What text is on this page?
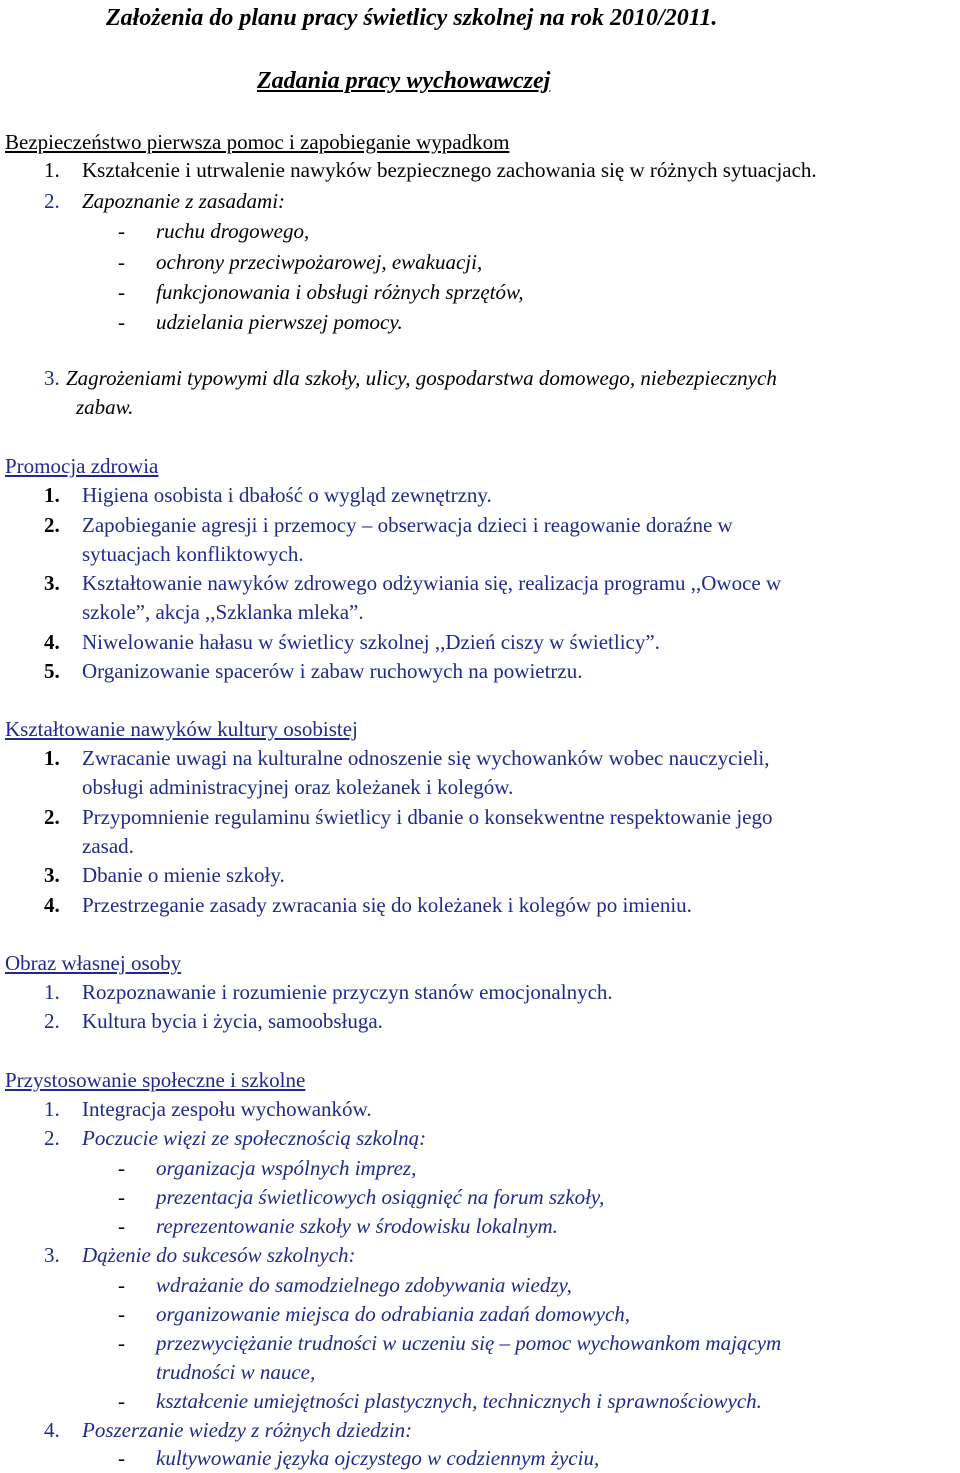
Założenia do planu pracy świetlicy szkolnej na rok 2010/2011.
Zadania pracy wychowawczej
Bezpieczeństwo pierwsza pomoc i zapobieganie wypadkom
1. Kształcenie i utrwalenie nawyków bezpiecznego zachowania się w różnych sytuacjach.
2. Zapoznanie z zasadami:
- ruchu drogowego,
- ochrony przeciwpożarowej, ewakuacji,
- funkcjonowania i obsługi różnych sprzętów,
- udzielania pierwszej pomocy.
3. Zagrożeniami typowymi dla szkoły, ulicy, gospodarstwa domowego, niebezpiecznych
zabaw.
Promocja zdrowia
1. Higiena osobista i dbałość o wygląd zewnętrzny.
2. Zapobieganie agresji i przemocy – obserwacja dzieci i reagowanie doraźne w
sytuacjach konfliktowych.
3. Kształtowanie nawyków zdrowego odżywiania się, realizacja programu ,,Owoce w
szkole”, akcja ,,Szklanka mleka”.
4. Niwelowanie hałasu w świetlicy szkolnej ,,Dzień ciszy w świetlicy”.
5. Organizowanie spacerów i zabaw ruchowych na powietrzu.
Kształtowanie nawyków kultury osobistej
1. Zwracanie uwagi na kulturalne odnoszenie się wychowanków wobec nauczycieli,
obsługi administracyjnej oraz koleżanek i kolegów.
2. Przypomnienie regulaminu świetlicy i dbanie o konsekwentne respektowanie jego
zasad.
3. Dbanie o mienie szkoły.
4. Przestrzeganie zasady zwracania się do koleżanek i kolegów po imieniu.
Obraz własnej osoby
1. Rozpoznawanie i rozumienie przyczyn stanów emocjonalnych.
2. Kultura bycia i życia, samoobsługa.
Przystosowanie społeczne i szkolne
1. Integracja zespołu wychowanków.
2. Poczucie więzi ze społecznością szkolną:
- organizacja wspólnych imprez,
- prezentacja świetlicowych osiągnięć na forum szkoły,
- reprezentowanie szkoły w środowisku lokalnym.
3. Dążenie do sukcesów szkolnych:
- wdrażanie do samodzielnego zdobywania wiedzy,
- organizowanie miejsca do odrabiania zadań domowych,
- przezwyciężanie trudności w uczeniu się – pomoc wychowankom mającym
trudności w nauce,
- kształcenie umiejętności plastycznych, technicznych i sprawnościowych.
4. Poszerzanie wiedzy z różnych dziedzin:
- kultywowanie języka ojczystego w codziennym życiu,
